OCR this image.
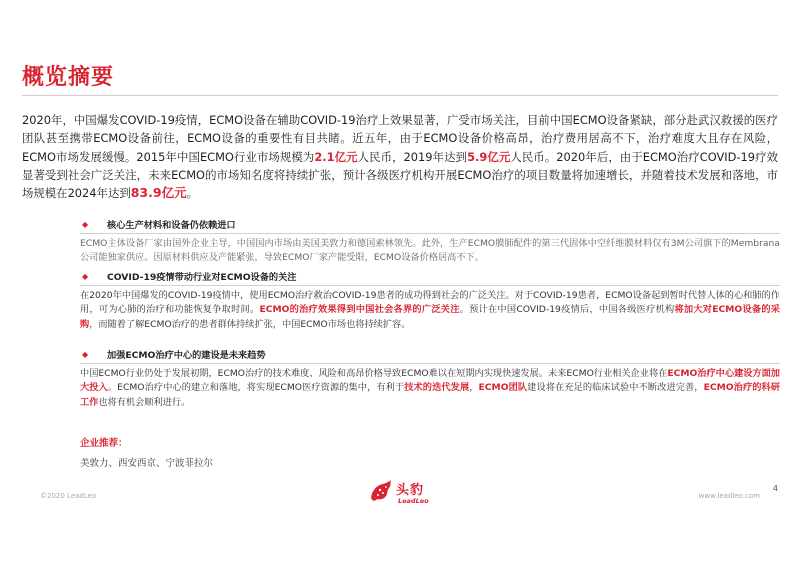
概览摘要

2020年，中国爆发COVID-19疫情，ECMO设备在辅助COVID-19治疗上效果显著，广受市场关注，目前中国ECMO设备紧缺，部分赴武汉救援的医疗团队甚至携带ECMO设备前往，ECMO设备的重要性有目共睹。近五年，由于ECMO设备价格高昂，治疗费用居高不下，治疗难度大且存在风险，ECMO市场发展缓慢。2015年中国ECMO行业市场规模为2.1亿元人民币，2019年达到5.9亿元人民币。2020年后，由于ECMO治疗COVID-19疗效显著受到社会广泛关注，未来ECMO的市场知名度将持续扩张，预计各级医疗机构开展ECMO治疗的项目数量将加速增长，并随着技术发展和落地，市场规模在2024年达到83.9亿元。

◆ 核心生产材料和设备仍依赖进口
ECMO主体设备厂家由国外企业主导，中国国内市场由美国美敦力和德国索林领先。此外，生产ECMO膜肺配件的第三代固体中空纤维膜材料仅有3M公司旗下的Membrana公司能独家供应。因原材料供应及产能紧张，导致ECMO厂家产能受限，ECMO设备价格居高不下。
◆ COVID-19疫情带动行业对ECMO设备的关注
在2020年中国爆发的COVID-19疫情中，使用ECMO治疗救治COVID-19患者的成功得到社会的广泛关注。对于COVID-19患者，ECMO设备起到暂时代替人体的心和肺的作用，可为心肺的治疗和功能恢复争取时间。ECMO的治疗效果得到中国社会各界的广泛关注。预计在中国COVID-19疫情后，中国各级医疗机构将加大对ECMO设备的采购，而随着了解ECMO治疗的患者群体持续扩张，中国ECMO市场也将持续扩容。
◆ 加强ECMO治疗中心的建设是未来趋势
中国ECMO行业仍处于发展初期，ECMO治疗的技术难度、风险和高昂价格导致ECMO难以在短期内实现快速发展。未来ECMO行业相关企业将在ECMO治疗中心建设方面加大投入。ECMO治疗中心的建立和落地，将实现ECMO医疗资源的集中，有利于技术的迭代发展，ECMO团队建设将在充足的临床试验中不断改进完善，ECMO治疗的科研工作也将有机会顺利进行。
企业推荐：
美敦力、西安西京、宁波菲拉尔
©2020 LeadLeo	头豹
LeadLeo
www.leadleo.com
4
